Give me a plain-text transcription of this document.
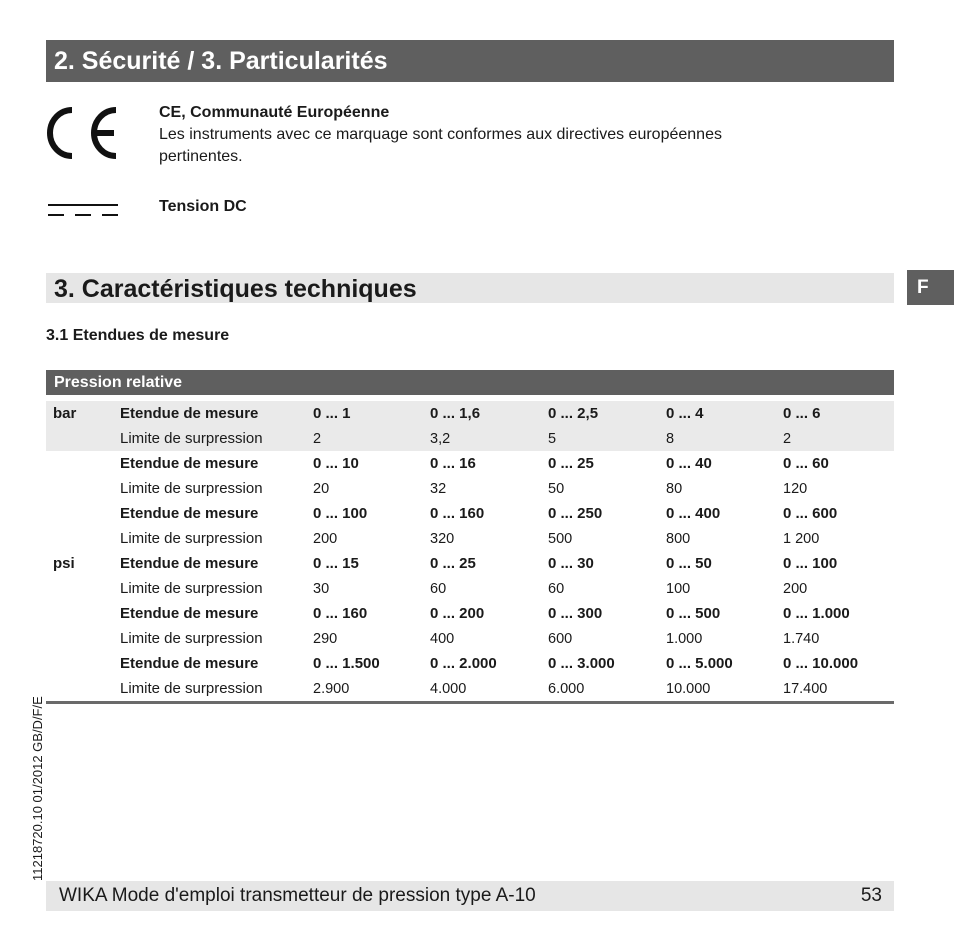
2. Sécurité / 3. Particularités
CE, Communauté Européenne
Les instruments avec ce marquage sont conformes aux directives européennes
pertinentes.
Tension DC
3. Caractéristiques techniques	F
3.1 Etendues de mesure
Pression relative
bar	Etendue de mesure	0 ... 1	0 ... 1,6	0 ... 2,5	0 ... 4	0 ... 6
	Limite de surpression	2	3,2	5	8	2
	Etendue de mesure	0 ... 10	0 ... 16	0 ... 25	0 ... 40	0 ... 60
	Limite de surpression	20	32	50	80	120
	Etendue de mesure	0 ... 100	0 ... 160	0 ... 250	0 ... 400	0 ... 600
	Limite de surpression	200	320	500	800	1 200
psi	Etendue de mesure	0 ... 15	0 ... 25	0 ... 30	0 ... 50	0 ... 100
	Limite de surpression	30	60	60	100	200
	Etendue de mesure	0 ... 160	0 ... 200	0 ... 300	0 ... 500	0 ... 1.000
	Limite de surpression	290	400	600	1.000	1.740
	Etendue de mesure	0 ... 1.500	0 ... 2.000	0 ... 3.000	0 ... 5.000	0 ... 10.000
	Limite de surpression	2.900	4.000	6.000	10.000	17.400
11218720.10 01/2012 GB/D/F/E
WIKA Mode d'emploi transmetteur de pression type A-10	53
